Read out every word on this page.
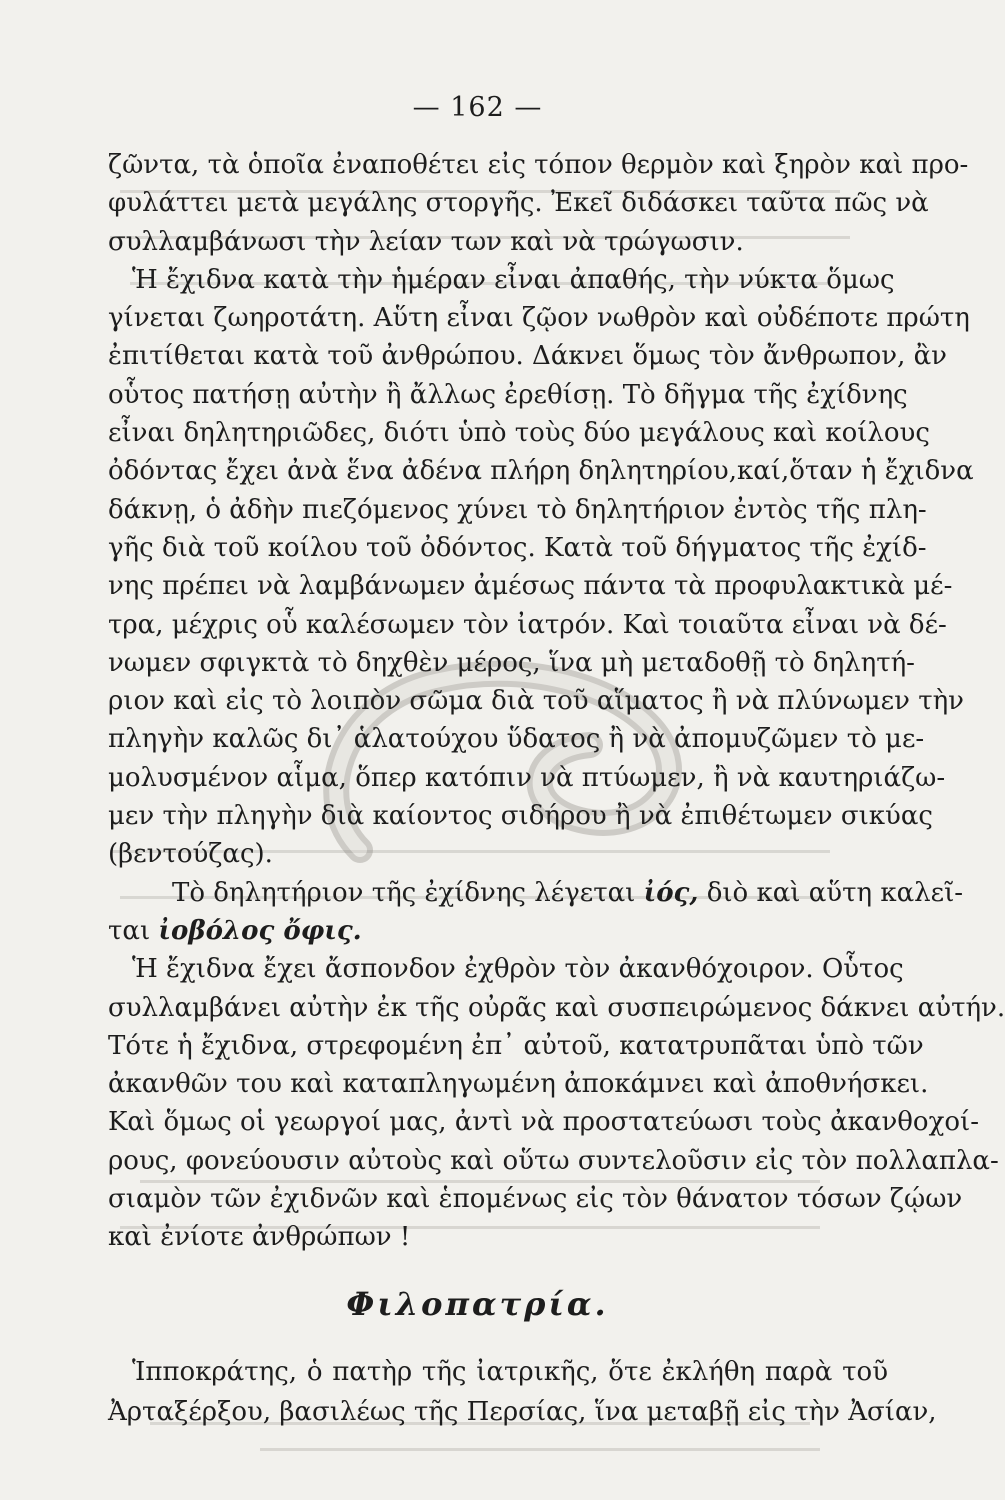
— 162 —
ζῶντα, τὰ ὁποῖα ἐναποθέτει εἰς τόπον θερμὸν καὶ ξηρὸν καὶ προ-
φυλάττει μετὰ μεγάλης στοργῆς. Ἐκεῖ διδάσκει ταῦτα πῶς νὰ
συλλαμβάνωσι τὴν λείαν των καὶ νὰ τρώγωσιν.
Ἡ ἔχιδνα κατὰ τὴν ἡμέραν εἶναι ἀπαθής, τὴν νύκτα ὅμως
γίνεται ζωηροτάτη. Αὕτη εἶναι ζῷον νωθρὸν καὶ οὐδέποτε πρώτη
ἐπιτίθεται κατὰ τοῦ ἀνθρώπου. Δάκνει ὅμως τὸν ἄνθρωπον, ἂν
οὗτος πατήσῃ αὐτὴν ἢ ἄλλως ἐρεθίσῃ. Τὸ δῆγμα τῆς ἐχίδνης
εἶναι δηλητηριῶδες, διότι ὑπὸ τοὺς δύο μεγάλους καὶ κοίλους
ὀδόντας ἔχει ἀνὰ ἕνα ἀδένα πλήρη δηλητηρίου,καί,ὅταν ἡ ἔχιδνα
δάκνῃ, ὁ ἀδὴν πιεζόμενος χύνει τὸ δηλητήριον ἐντὸς τῆς πλη-
γῆς διὰ τοῦ κοίλου τοῦ ὀδόντος. Κατὰ τοῦ δήγματος τῆς ἐχίδ-
νης πρέπει νὰ λαμβάνωμεν ἀμέσως πάντα τὰ προφυλακτικὰ μέ-
τρα, μέχρις οὗ καλέσωμεν τὸν ἰατρόν. Καὶ τοιαῦτα εἶναι νὰ δέ-
νωμεν σφιγκτὰ τὸ δηχθὲν μέρος, ἵνα μὴ μεταδοθῇ τὸ δηλητή-
ριον καὶ εἰς τὸ λοιπὸν σῶμα διὰ τοῦ αἵματος ἢ νὰ πλύνωμεν τὴν
πληγὴν καλῶς δι᾽ ἁλατούχου ὕδατος ἢ νὰ ἀπομυζῶμεν τὸ με-
μολυσμένον αἷμα, ὅπερ κατόπιν νὰ πτύωμεν, ἢ νὰ καυτηριάζω-
μεν τὴν πληγὴν διὰ καίοντος σιδήρου ἢ νὰ ἐπιθέτωμεν σικύας
(βεντούζας).
Τὸ δηλητήριον τῆς ἐχίδνης λέγεται ἰός, διὸ καὶ αὕτη καλεῖ-
ται ἰοβόλος ὄφις.
Ἡ ἔχιδνα ἔχει ἄσπονδον ἐχθρὸν τὸν ἀκανθόχοιρον. Οὗτος
συλλαμβάνει αὐτὴν ἐκ τῆς οὐρᾶς καὶ συσπειρώμενος δάκνει αὐτήν.
Τότε ἡ ἔχιδνα, στρεφομένη ἐπ᾽ αὐτοῦ, κατατρυπᾶται ὑπὸ τῶν
ἀκανθῶν του καὶ καταπληγωμένη ἀποκάμνει καὶ ἀποθνήσκει.
Καὶ ὅμως οἱ γεωργοί μας, ἀντὶ νὰ προστατεύωσι τοὺς ἀκανθοχοί-
ρους, φονεύουσιν αὐτοὺς καὶ οὕτω συντελοῦσιν εἰς τὸν πολλαπλα-
σιαμὸν τῶν ἐχιδνῶν καὶ ἑπομένως εἰς τὸν θάνατον τόσων ζῴων
καὶ ἐνίοτε ἀνθρώπων !
Φιλοπατρία.
Ἱπποκράτης, ὁ πατὴρ τῆς ἰατρικῆς, ὅτε ἐκλήθη παρὰ τοῦ
Ἀρταξέρξου, βασιλέως τῆς Περσίας, ἵνα μεταβῇ εἰς τὴν Ἀσίαν,
